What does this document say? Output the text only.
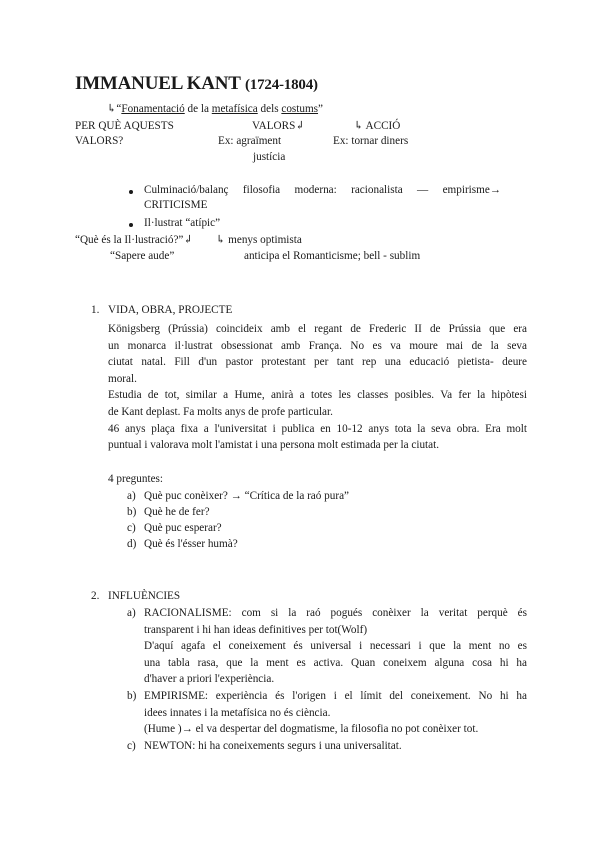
IMMANUEL KANT (1724-1804)
↳“Fonamentació de la metafísica dels costums”
PER QUÈ AQUESTS	VALORS↲	↳ ACCIÓ
VALORS?	Ex: agraïment	Ex: tornar diners
justícia
Culminació/balanç filosofia moderna: racionalista — empirisme→
CRITICISME
Il·lustrat “atípic”
“Què és la Il·lustració?”↲ ↳ menys optimista
“Sapere aude”	anticipa el Romanticisme; bell - sublim
1. VIDA, OBRA, PROJECTE
Königsberg (Prússia) coincideix amb el regant de Frederic II de Prússia que era
un monarca il·lustrat obsessionat amb França. No es va moure mai de la seva
ciutat natal. Fill d'un pastor protestant per tant rep una educació pietista- deure
moral.
Estudia de tot, similar a Hume, anirà a totes les classes posibles. Va fer la hipòtesi
de Kant deplast. Fa molts anys de profe particular.
46 anys plaça fixa a l'universitat i publica en 10-12 anys tota la seva obra. Era molt
puntual i valorava molt l'amistat i una persona molt estimada per la ciutat.
4 preguntes:
a) Què puc conèixer? → “Crítica de la raó pura”
b) Què he de fer?
c) Què puc esperar?
d) Què és l'ésser humà?
2. INFLUÈNCIES
a) RACIONALISME: com si la raó pogués conèixer la veritat perquè és
transparent i hi han ideas definitives per tot(Wolf)
D'aquí agafa el coneixement és universal i necessari i que la ment no es
una tabla rasa, que la ment es activa. Quan coneixem alguna cosa hi ha
d'haver a priori l'experiència.
b) EMPIRISME: experiència és l'origen i el límit del coneixement. No hi ha
idees innates i la metafísica no és ciència.
(Hume )→ el va despertar del dogmatisme, la filosofia no pot conèixer tot.
c) NEWTON: hi ha coneixements segurs i una universalitat.
